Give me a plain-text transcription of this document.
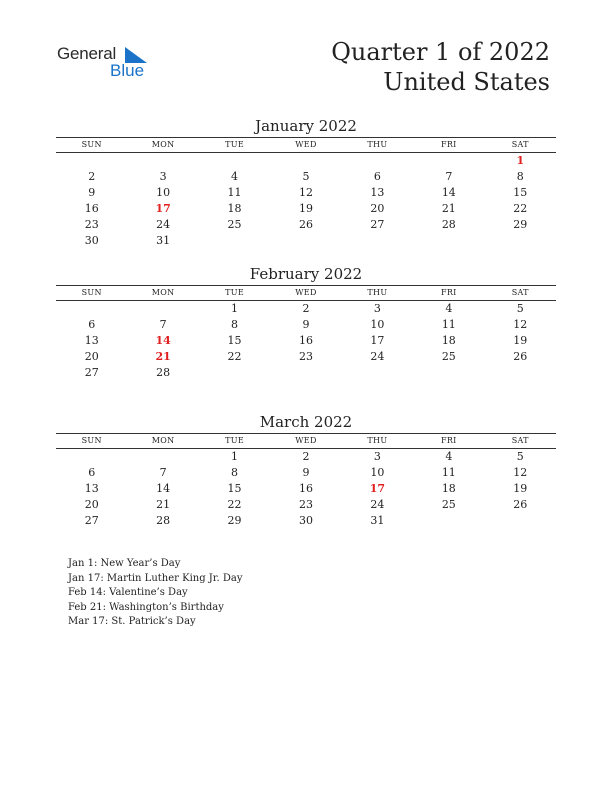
General
Blue
Quarter 1 of 2022
United States
January 2022
SUN	MON	TUE	WED	THU	FRI	SAT
						1
2	3	4	5	6	7	8
9	10	11	12	13	14	15
16	17	18	19	20	21	22
23	24	25	26	27	28	29
30	31					
February 2022
SUN	MON	TUE	WED	THU	FRI	SAT
		1	2	3	4	5
6	7	8	9	10	11	12
13	14	15	16	17	18	19
20	21	22	23	24	25	26
27	28					
March 2022
SUN	MON	TUE	WED	THU	FRI	SAT
		1	2	3	4	5
6	7	8	9	10	11	12
13	14	15	16	17	18	19
20	21	22	23	24	25	26
27	28	29	30	31		
Jan 1: New Year’s Day
Jan 17: Martin Luther King Jr. Day
Feb 14: Valentine’s Day
Feb 21: Washington’s Birthday
Mar 17: St. Patrick’s Day
